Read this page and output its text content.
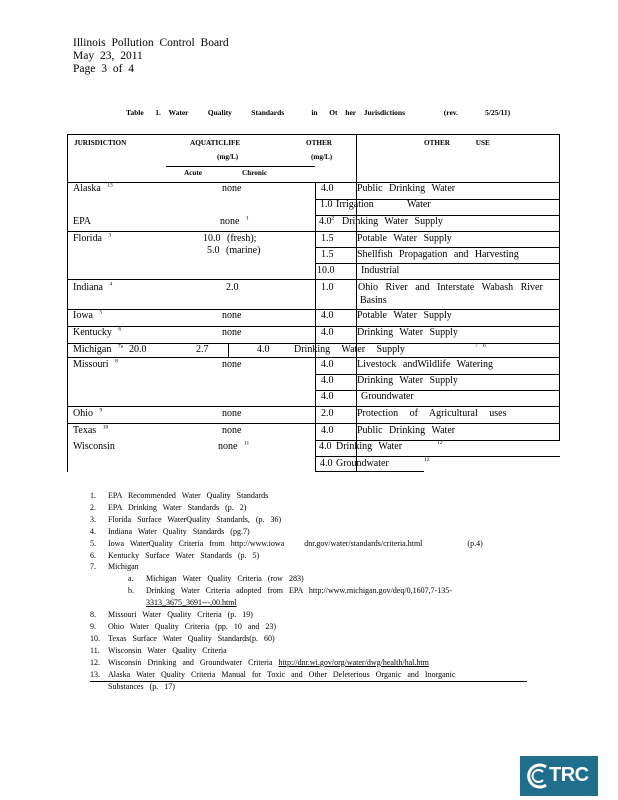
Illinois Pollution Control Board
May 23, 2011
Page 3 of 4
Table   1.  Water     Quality     Standards       in   Ot  her  Jurisdictions          (rev.       5/25/11)
JURISDICTION	AQUATICLIFE
(mg/L)
Acute	Chronic
OTHER
(mg/L)
OTHER USE
Alaska $^{13}$	none	4.0 Public Drinking Water
1.0 Irrigation	Water
EPA	none $^1$	$4.0^2$ Drinking Water Supply
Florida $^3$	10.0 (fresh);
5.0 (marine)
1.5 Potable Water Supply
1.5 Shellfish Propagation and Harvesting
10.0	Industrial
Indiana $^4$	2.0	1.0 Ohio River and Interstate Wabash River
Basins
Iowa $^5$	none	4.0 Potable Water Supply
Kentucky $^6$	none	4.0 Drinking Water Supply
Michigan $^{7a}$ 20.0	2.7	4.0 Drinking Water Supply	7 b
Missouri $^8$	none	4.0 Livestock andWildlife Watering
4.0 Drinking Water Supply
4.0	Groundwater
Ohio $^9$	none	2.0 Protection of Agricultural uses
Texas $^{10}$	none	4.0 Public Drinking Water
Wisconsin	none $^{11}$	4.0 Drinking Water	12
4.0 Groundwater	12
1. EPA Recommended Water Quality Standards
2. EPA Drinking Water Standards (p. 2)
3. Florida Surface WaterQuality Standards, (p. 36)
4. Indiana Water Quality Standards (pg.7)
5. Iowa WaterQuality Criteria from http://www.iowa dnr.gov/water/standards/criteria.html	(p.4)
6. Kentucky Surface Water Standards (p. 5)
7. Michigan
a. Michigan Water Quality Criteria (row 283)
b. Drinking Water Criteria adopted from EPA http://www.michigan.gov/deq/0,1607,7-135-
3313_3675_3691---,00.html
8. Missouri Water Quality Criteria (p. 19)
9. Ohio Water Quality Criteria (pp. 10 and 23)
10. Texas Surface Water Quality Standards(p. 60)
11. Wisconsin Water Quality Criteria
12. Wisconsin Drinking and Groundwater Criteria http://dnr.wi.gov/org/water/dwg/health/hal.htm
13. Alaska Water Quality Criteria Manual for Toxic and Other Deleterious Organic and Inorganic
Substances (p. 17)
TRC
